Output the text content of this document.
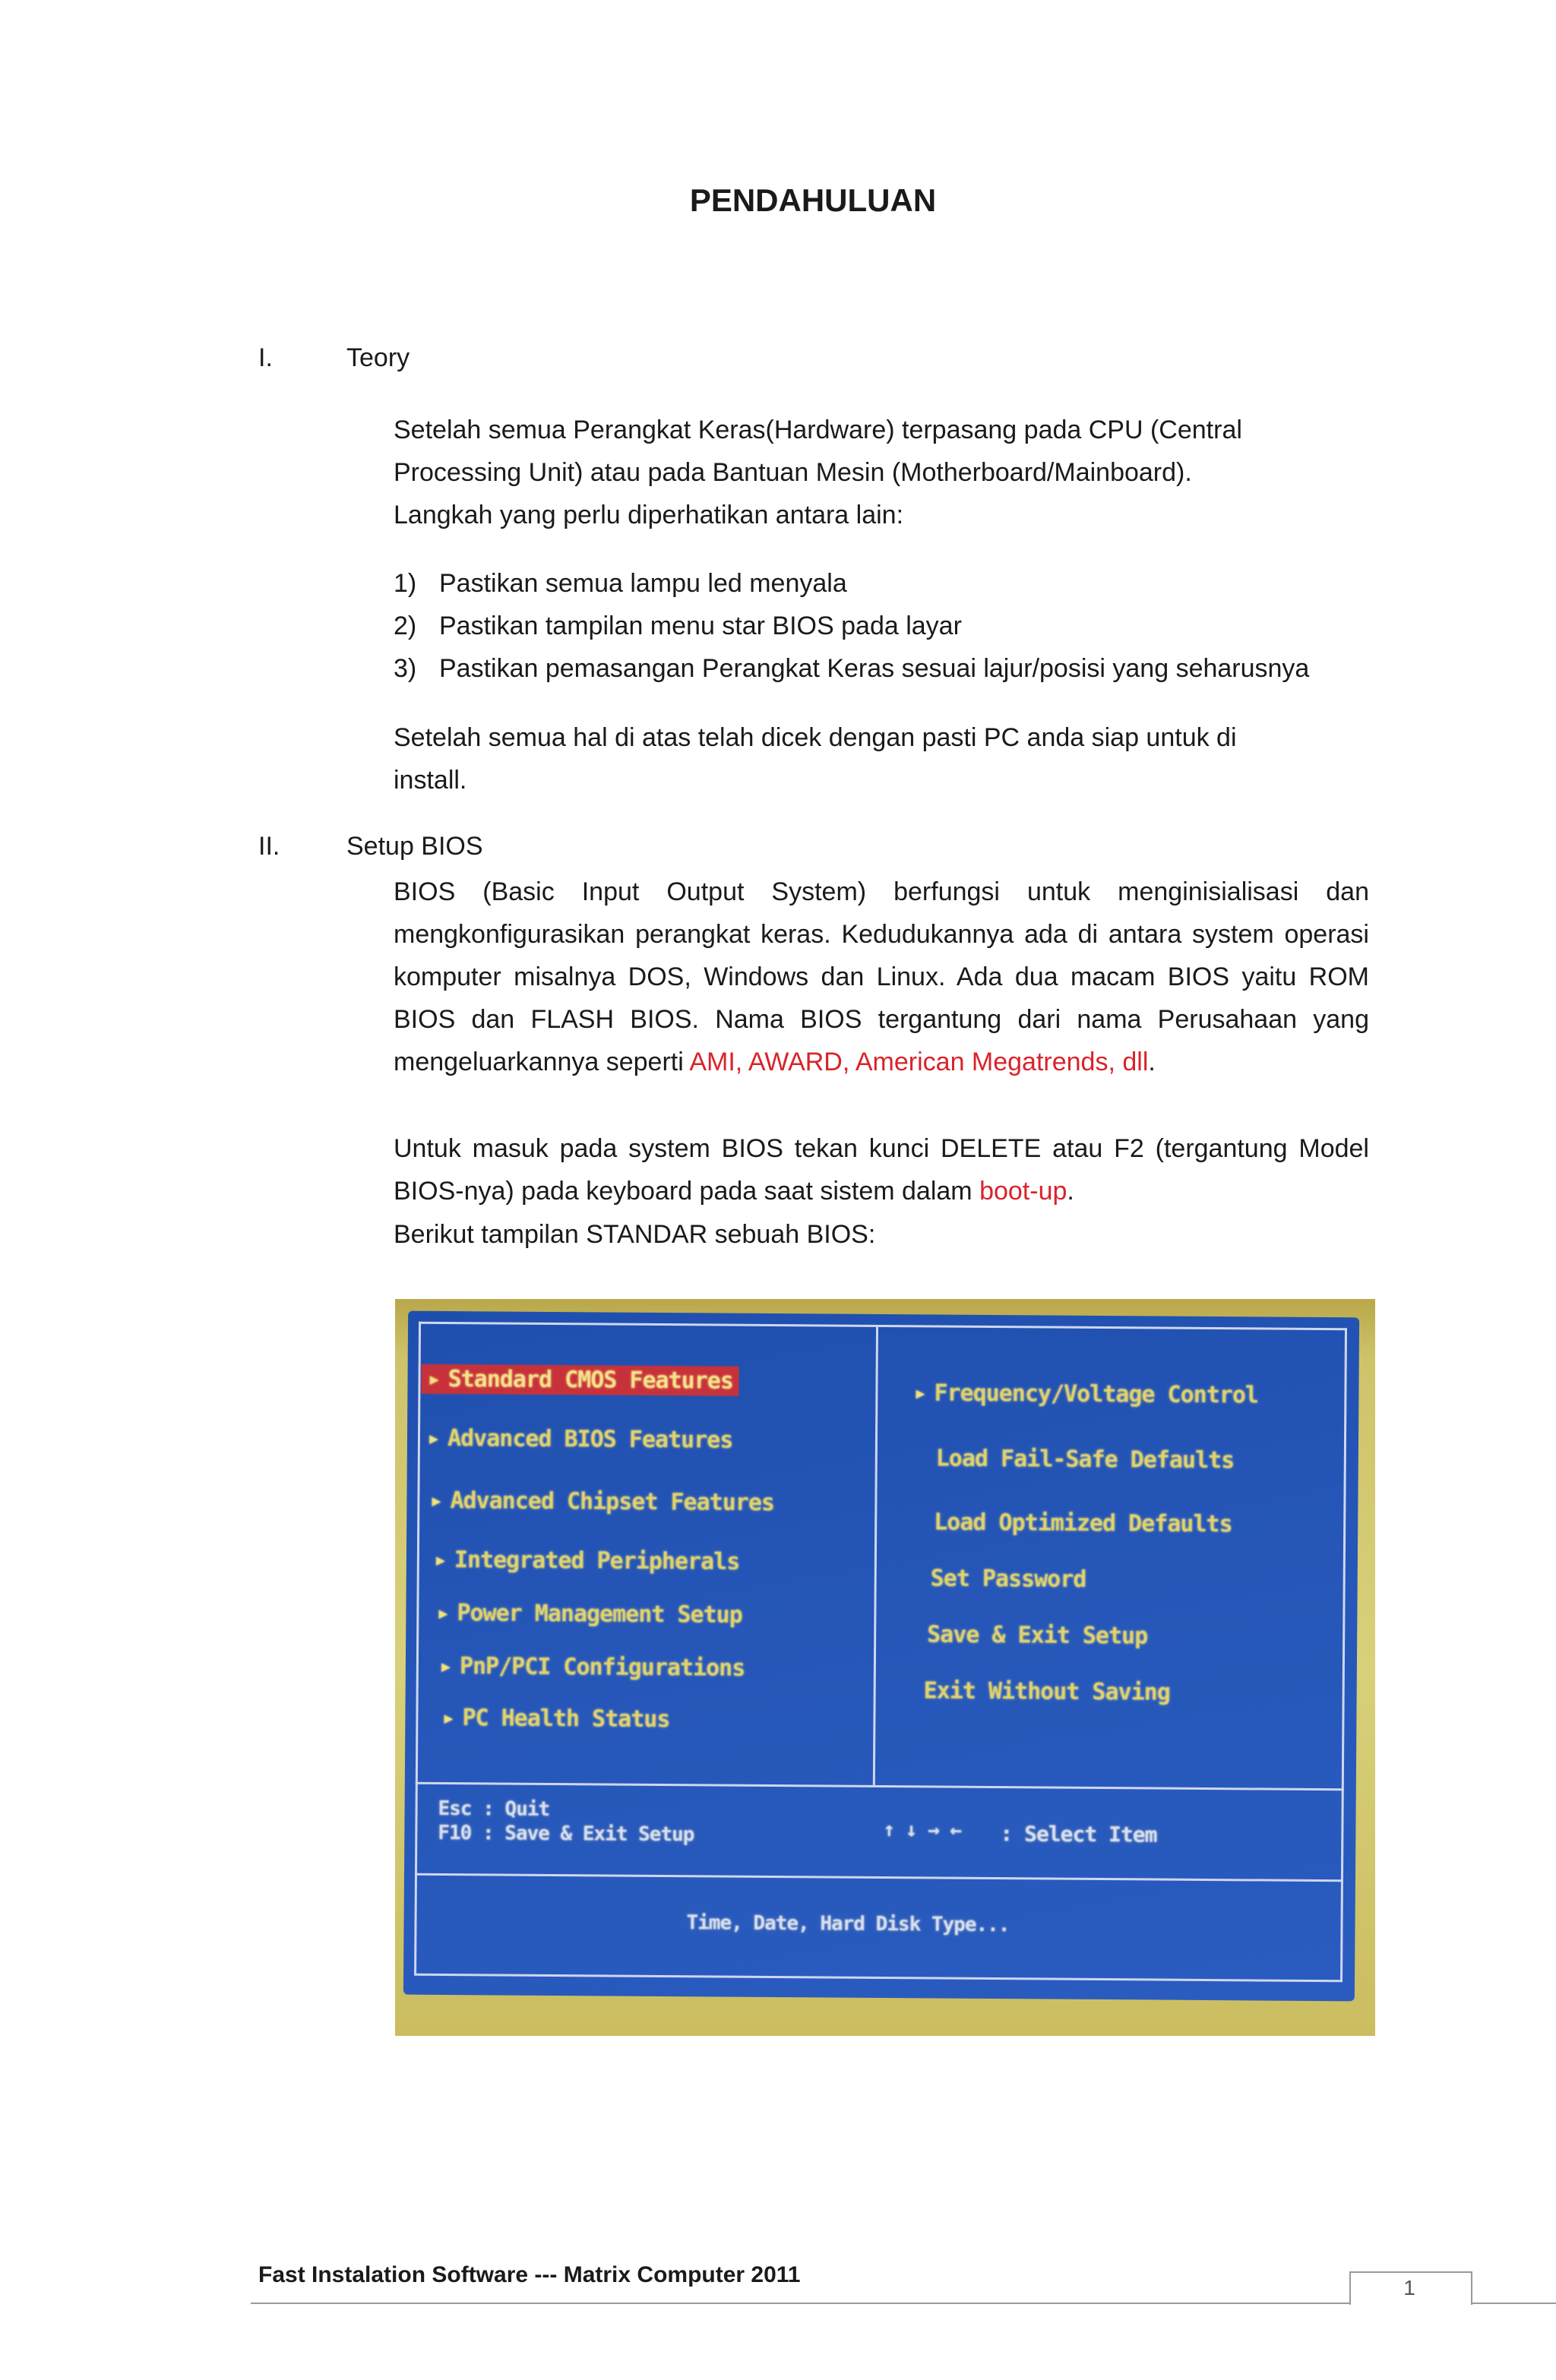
PENDAHULUAN
I.	Teory
Setelah semua Perangkat Keras(Hardware) terpasang pada CPU (Central
Processing Unit) atau pada Bantuan Mesin (Motherboard/Mainboard).
Langkah yang perlu diperhatikan antara lain:
1) Pastikan semua lampu led menyala
2) Pastikan tampilan menu star BIOS pada layar
3) Pastikan pemasangan Perangkat Keras sesuai lajur/posisi yang seharusnya
Setelah semua hal di atas telah dicek dengan pasti PC anda siap untuk di
install.
II.	Setup BIOS
BIOS (Basic Input Output System) berfungsi untuk menginisialisasi dan mengkonfigurasikan perangkat keras. Kedudukannya ada di antara system operasi komputer misalnya DOS, Windows dan Linux. Ada dua macam BIOS yaitu ROM BIOS dan FLASH BIOS. Nama BIOS tergantung dari nama Perusahaan yang mengeluarkannya seperti AMI, AWARD, American Megatrends, dll.
Untuk masuk pada system BIOS tekan kunci DELETE atau F2 (tergantung Model BIOS-nya) pada keyboard pada saat sistem dalam boot-up.
Berikut tampilan STANDAR sebuah BIOS:
▸ Standard CMOS Features
▸ Advanced BIOS Features
▸ Advanced Chipset Features
▸ Integrated Peripherals
▸ Power Management Setup
▸ PnP/PCI Configurations
▸ PC Health Status
▸ Frequency/Voltage Control
Load Fail-Safe Defaults
Load Optimized Defaults
Set Password
Save & Exit Setup
Exit Without Saving
Esc : Quit
F10 : Save & Exit Setup	↑ ↓ → ← : Select Item
Time, Date, Hard Disk Type...
Fast Instalation Software --- Matrix Computer 2011
1
